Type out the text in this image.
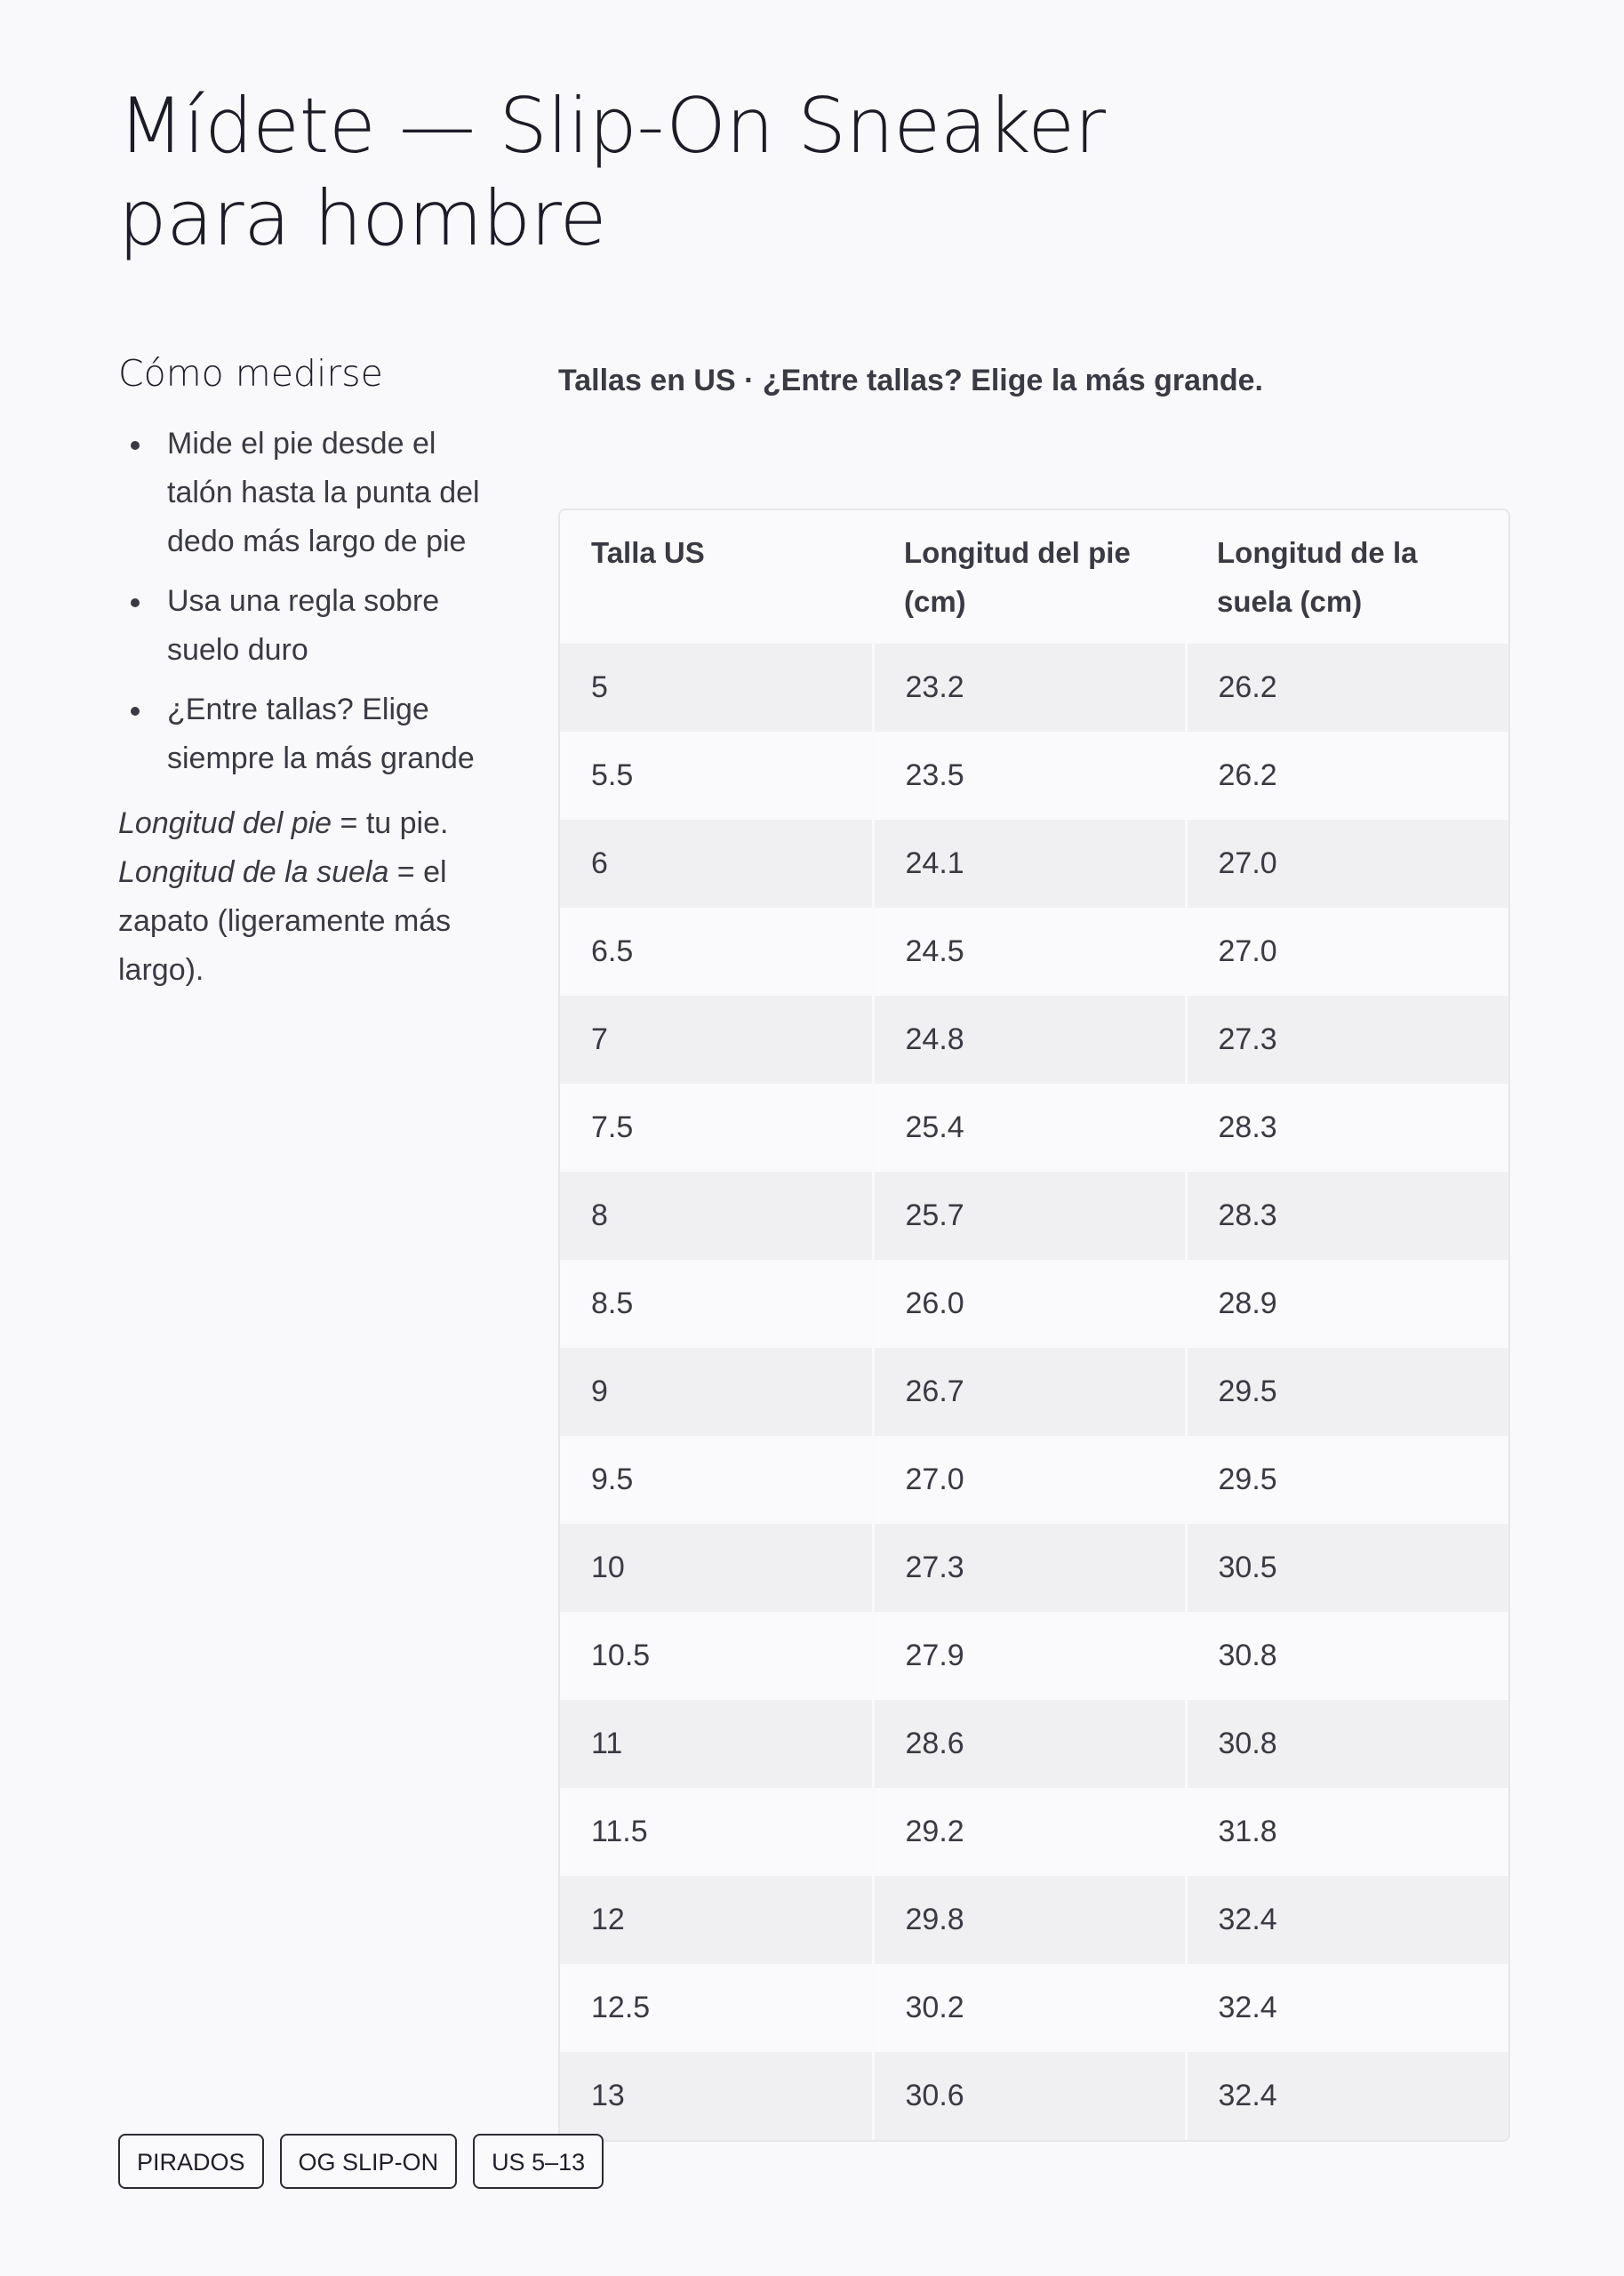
Mídete — Slip-On Sneaker para hombre
Cómo medirse
Mide el pie desde el talón hasta la punta del dedo más largo de pie
Usa una regla sobre suelo duro
¿Entre tallas? Elige siempre la más grande

Longitud del pie = tu pie. Longitud de la suela = el zapato (ligeramente más largo).

Tallas en US · ¿Entre tallas? Elige la más grande.

Talla US	Longitud del pie (cm)	Longitud de la suela (cm)
5	23.2	26.2
5.5	23.5	26.2
6	24.1	27.0
6.5	24.5	27.0
7	24.8	27.3
7.5	25.4	28.3
8	25.7	28.3
8.5	26.0	28.9
9	26.7	29.5
9.5	27.0	29.5
10	27.3	30.5
10.5	27.9	30.8
11	28.6	30.8
11.5	29.2	31.8
12	29.8	32.4
12.5	30.2	32.4
13	30.6	32.4
PIRADOS	OG SLIP-ON	US 5–13
